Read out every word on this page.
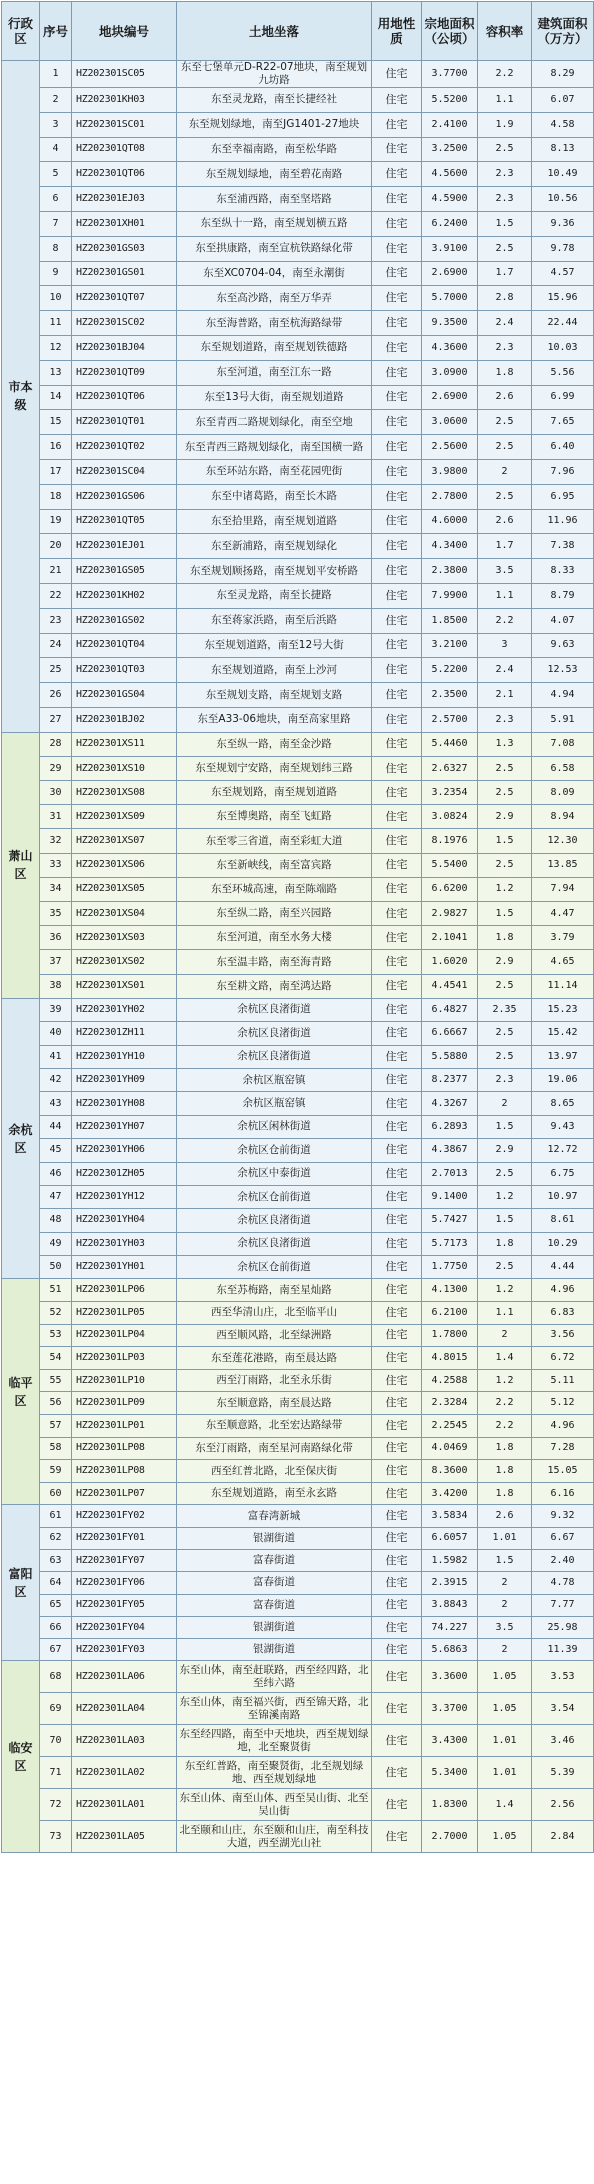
行政区	序号	地块编号	土地坐落	用地性质	宗地面积（公顷）	容积率	建筑面积（万方）
市本级	1	HZ202301SC05	东至七堡单元D-R22-07地块，南至规划九坊路	住宅	3.7700	2.2	8.29
	2	HZ202301KH03	东至灵龙路，南至长捷经社	住宅	5.5200	1.1	6.07
	3	HZ202301SC01	东至规划绿地，南至JG1401-27地块	住宅	2.4100	1.9	4.58
	4	HZ202301QT08	东至幸福南路，南至松华路	住宅	3.2500	2.5	8.13
	5	HZ202301QT06	东至规划绿地，南至碧花南路	住宅	4.5600	2.3	10.49
	6	HZ202301EJ03	东至浦西路，南至坚塔路	住宅	4.5900	2.3	10.56
	7	HZ202301XH01	东至纵十一路，南至规划横五路	住宅	6.2400	1.5	9.36
	8	HZ202301GS03	东至拱康路，南至宣杭铁路绿化带	住宅	3.9100	2.5	9.78
	9	HZ202301GS01	东至XC0704-04，南至永潮街	住宅	2.6900	1.7	4.57
	10	HZ202301QT07	东至高沙路，南至万华弄	住宅	5.7000	2.8	15.96
	11	HZ202301SC02	东至海普路，南至杭海路绿带	住宅	9.3500	2.4	22.44
	12	HZ202301BJ04	东至规划道路，南至规划铁德路	住宅	4.3600	2.3	10.03
	13	HZ202301QT09	东至河道，南至江东一路	住宅	3.0900	1.8	5.56
	14	HZ202301QT06	东至13号大街，南至规划道路	住宅	2.6900	2.6	6.99
	15	HZ202301QT01	东至青西二路规划绿化，南至空地	住宅	3.0600	2.5	7.65
	16	HZ202301QT02	东至青西三路规划绿化，南至国横一路	住宅	2.5600	2.5	6.40
	17	HZ202301SC04	东至环站东路，南至花园兜街	住宅	3.9800	2	7.96
	18	HZ202301GS06	东至中诸葛路，南至长木路	住宅	2.7800	2.5	6.95
	19	HZ202301QT05	东至拾里路，南至规划道路	住宅	4.6000	2.6	11.96
	20	HZ202301EJ01	东至新浦路，南至规划绿化	住宅	4.3400	1.7	7.38
	21	HZ202301GS05	东至规划顾扬路，南至规划平安桥路	住宅	2.3800	3.5	8.33
	22	HZ202301KH02	东至灵龙路，南至长捷路	住宅	7.9900	1.1	8.79
	23	HZ202301GS02	东至蒋家浜路，南至后浜路	住宅	1.8500	2.2	4.07
	24	HZ202301QT04	东至规划道路，南至12号大街	住宅	3.2100	3	9.63
	25	HZ202301QT03	东至规划道路，南至上沙河	住宅	5.2200	2.4	12.53
	26	HZ202301GS04	东至规划支路，南至规划支路	住宅	2.3500	2.1	4.94
	27	HZ202301BJ02	东至A33-06地块，南至高家里路	住宅	2.5700	2.3	5.91
萧山区	28	HZ202301XS11	东至纵一路，南至金沙路	住宅	5.4460	1.3	7.08
	29	HZ202301XS10	东至规划宁安路，南至规划纬三路	住宅	2.6327	2.5	6.58
	30	HZ202301XS08	东至规划路，南至规划道路	住宅	3.2354	2.5	8.09
	31	HZ202301XS09	东至博奥路，南至飞虹路	住宅	3.0824	2.9	8.94
	32	HZ202301XS07	东至零三省道，南至彩虹大道	住宅	8.1976	1.5	12.30
	33	HZ202301XS06	东至新峡线，南至富宾路	住宅	5.5400	2.5	13.85
	34	HZ202301XS05	东至环城高速，南至陈端路	住宅	6.6200	1.2	7.94
	35	HZ202301XS04	东至纵二路，南至兴园路	住宅	2.9827	1.5	4.47
	36	HZ202301XS03	东至河道，南至水务大楼	住宅	2.1041	1.8	3.79
	37	HZ202301XS02	东至温丰路，南至海青路	住宅	1.6020	2.9	4.65
	38	HZ202301XS01	东至耕文路，南至鸿达路	住宅	4.4541	2.5	11.14
余杭区	39	HZ202301YH02	余杭区良渚街道	住宅	6.4827	2.35	15.23
	40	HZ202301ZH11	余杭区良渚街道	住宅	6.6667	2.5	15.42
	41	HZ202301YH10	余杭区良渚街道	住宅	5.5880	2.5	13.97
	42	HZ202301YH09	余杭区瓶窑镇	住宅	8.2377	2.3	19.06
	43	HZ202301YH08	余杭区瓶窑镇	住宅	4.3267	2	8.65
	44	HZ202301YH07	余杭区闲林街道	住宅	6.2893	1.5	9.43
	45	HZ202301YH06	余杭区仓前街道	住宅	4.3867	2.9	12.72
	46	HZ202301ZH05	余杭区中泰街道	住宅	2.7013	2.5	6.75
	47	HZ202301YH12	余杭区仓前街道	住宅	9.1400	1.2	10.97
	48	HZ202301YH04	余杭区良渚街道	住宅	5.7427	1.5	8.61
	49	HZ202301YH03	余杭区良渚街道	住宅	5.7173	1.8	10.29
	50	HZ202301YH01	余杭区仓前街道	住宅	1.7750	2.5	4.44
临平区	51	HZ202301LP06	东至苏梅路，南至星灿路	住宅	4.1300	1.2	4.96
	52	HZ202301LP05	西至华清山庄，北至临平山	住宅	6.2100	1.1	6.83
	53	HZ202301LP04	西至顺风路，北至绿洲路	住宅	1.7800	2	3.56
	54	HZ202301LP03	东至莲花港路，南至晨达路	住宅	4.8015	1.4	6.72
	55	HZ202301LP10	西至汀雨路，北至永乐街	住宅	4.2588	1.2	5.11
	56	HZ202301LP09	东至顺意路，南至晨达路	住宅	2.3284	2.2	5.12
	57	HZ202301LP01	东至顺意路，北至宏达路绿带	住宅	2.2545	2.2	4.96
	58	HZ202301LP08	东至汀雨路，南至星河南路绿化带	住宅	4.0469	1.8	7.28
	59	HZ202301LP08	西至红普北路，北至保庆街	住宅	8.3600	1.8	15.05
	60	HZ202301LP07	东至规划道路，南至永玄路	住宅	3.4200	1.8	6.16
富阳区	61	HZ202301FY02	富春湾新城	住宅	3.5834	2.6	9.32
	62	HZ202301FY01	银湖街道	住宅	6.6057	1.01	6.67
	63	HZ202301FY07	富春街道	住宅	1.5982	1.5	2.40
	64	HZ202301FY06	富春街道	住宅	2.3915	2	4.78
	65	HZ202301FY05	富春街道	住宅	3.8843	2	7.77
	66	HZ202301FY04	银湖街道	住宅	74.227	3.5	25.98
	67	HZ202301FY03	银湖街道	住宅	5.6863	2	11.39
临安区	68	HZ202301LA06	东至山体，南至赶联路，西至经四路，北至纬六路	住宅	3.3600	1.05	3.53
	69	HZ202301LA04	东至山体，南至福兴街，西至锦天路，北至锦溪南路	住宅	3.3700	1.05	3.54
	70	HZ202301LA03	东至经四路，南至中天地块，西至规划绿地，北至聚贤街	住宅	3.4300	1.01	3.46
	71	HZ202301LA02	东至红普路，南至聚贤街，北至规划绿地、西至规划绿地	住宅	5.3400	1.01	5.39
	72	HZ202301LA01	东至山体、南至山体、西至吴山街、北至吴山街	住宅	1.8300	1.4	2.56
	73	HZ202301LA05	北至颐和山庄，东至颐和山庄，南至科技大道，西至湖光山社	住宅	2.7000	1.05	2.84
